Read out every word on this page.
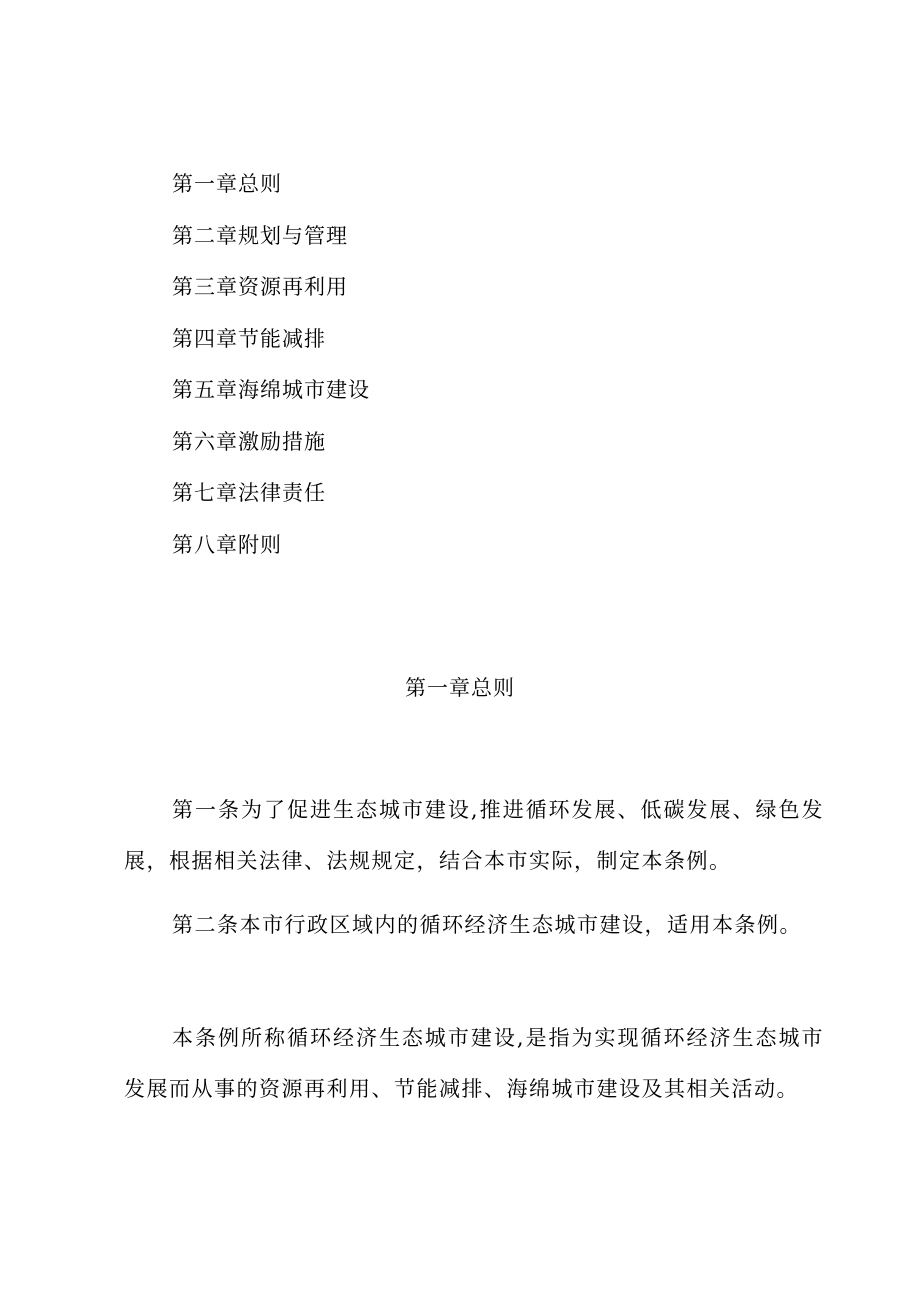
第一章总则
第二章规划与管理
第三章资源再利用
第四章节能减排
第五章海绵城市建设
第六章激励措施
第七章法律责任
第八章附则
第一章总则

第一条为了促进生态城市建设,推进循环发展、低碳发展、绿色发展，根据相关法律、法规规定，结合本市实际，制定本条例。

第二条本市行政区域内的循环经济生态城市建设，适用本条例。

本条例所称循环经济生态城市建设,是指为实现循环经济生态城市发展而从事的资源再利用、节能减排、海绵城市建设及其相关活动。
